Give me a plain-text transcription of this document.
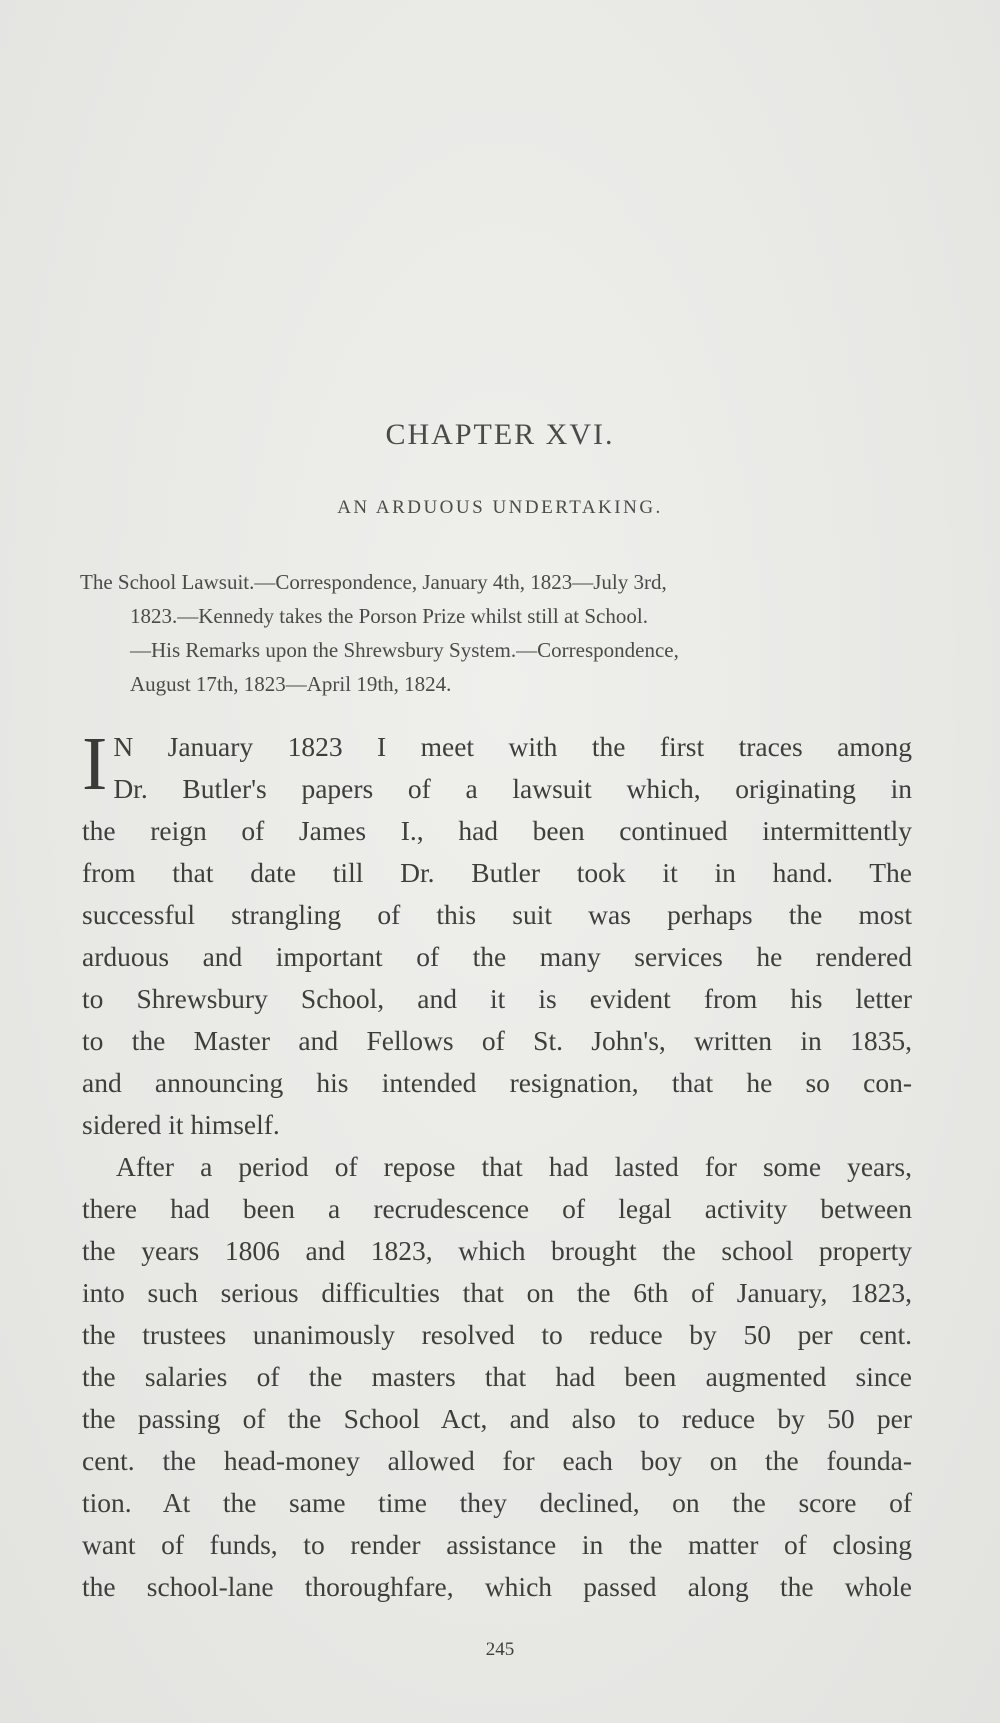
CHAPTER XVI.
AN ARDUOUS UNDERTAKING.
The School Lawsuit.—Correspondence, January 4th, 1823—July 3rd,
1823.—Kennedy takes the Porson Prize whilst still at School.
—His Remarks upon the Shrewsbury System.—Correspondence,
August 17th, 1823—April 19th, 1824.
I N January 1823 I meet with the first traces among
Dr. Butler's papers of a lawsuit which, originating in
the reign of James I., had been continued intermittently
from that date till Dr. Butler took it in hand. The
successful strangling of this suit was perhaps the most
arduous and important of the many services he rendered
to Shrewsbury School, and it is evident from his letter
to the Master and Fellows of St. John's, written in 1835,
and announcing his intended resignation, that he so con-
sidered it himself.
After a period of repose that had lasted for some years,
there had been a recrudescence of legal activity between
the years 1806 and 1823, which brought the school property
into such serious difficulties that on the 6th of January, 1823,
the trustees unanimously resolved to reduce by 50 per cent.
the salaries of the masters that had been augmented since
the passing of the School Act, and also to reduce by 50 per
cent. the head-money allowed for each boy on the founda-
tion. At the same time they declined, on the score of
want of funds, to render assistance in the matter of closing
the school-lane thoroughfare, which passed along the whole
245
